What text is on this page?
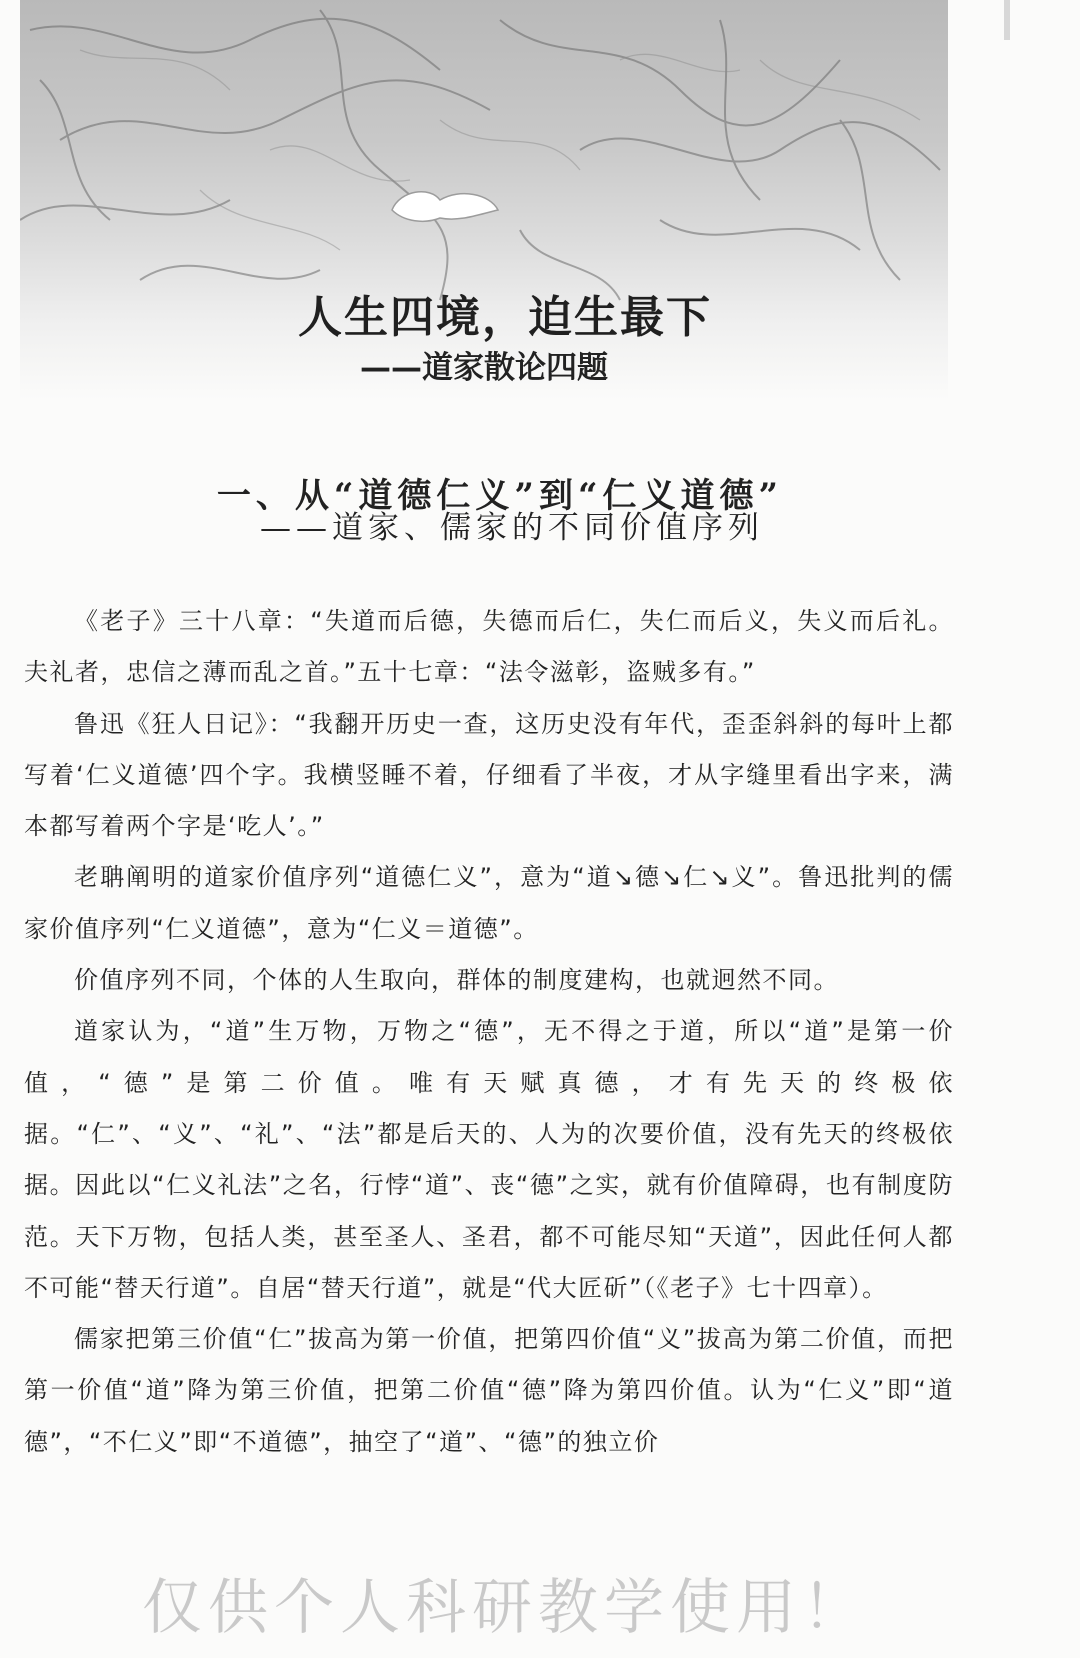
人生四境，迫生最下
——道家散论四题
一、从“道德仁义”到“仁义道德”
——道家、儒家的不同价值序列

《老子》三十八章：“失道而后德，失德而后仁，失仁而后义，失义而后礼。夫礼者，忠信之薄而乱之首。”五十七章：“法令滋彰，盗贼多有。”

鲁迅《狂人日记》：“我翻开历史一查，这历史没有年代，歪歪斜斜的每叶上都写着‘仁义道德’四个字。我横竖睡不着，仔细看了半夜，才从字缝里看出字来，满本都写着两个字是‘吃人’。”

老聃阐明的道家价值序列“道德仁义”，意为“道↘德↘仁↘义”。鲁迅批判的儒家价值序列“仁义道德”，意为“仁义＝道德”。

价值序列不同，个体的人生取向，群体的制度建构，也就迥然不同。

道家认为，“道”生万物，万物之“德”，无不得之于道，所以“道”是第一价值，“德”是第二价值。唯有天赋真德，才有先天的终极依据。“仁”、“义”、“礼”、“法”都是后天的、人为的次要价值，没有先天的终极依据。因此以“仁义礼法”之名，行悖“道”、丧“德”之实，就有价值障碍，也有制度防范。天下万物，包括人类，甚至圣人、圣君，都不可能尽知“天道”，因此任何人都不可能“替天行道”。自居“替天行道”，就是“代大匠斫”（《老子》七十四章）。

儒家把第三价值“仁”拔高为第一价值，把第四价值“义”拔高为第二价值，而把第一价值“道”降为第三价值，把第二价值“德”降为第四价值。认为“仁义”即“道德”，“不仁义”即“不道德”，抽空了“道”、“德”的独立价

仅供个人科研教学使用！
